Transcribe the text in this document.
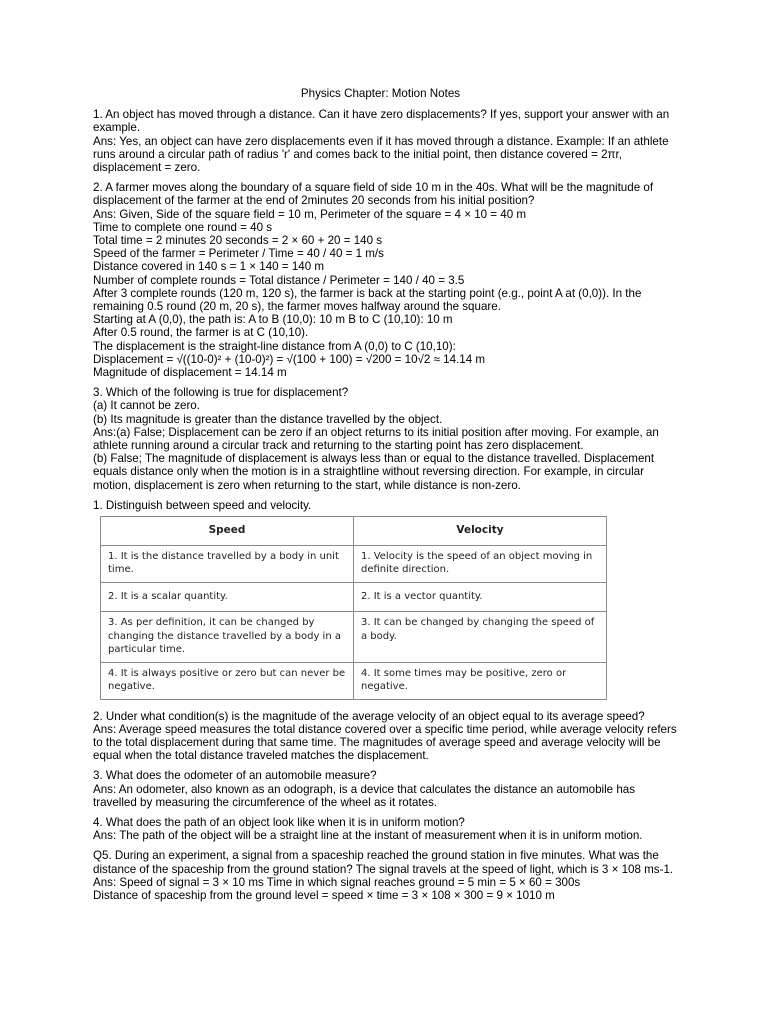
Physics Chapter: Motion Notes
1. An object has moved through a distance. Can it have zero displacements? If yes, support your answer with an example.
Ans: Yes, an object can have zero displacements even if it has moved through a distance. Example: If an athlete runs around a circular path of radius 'r' and comes back to the initial point, then distance covered = 2πr, displacement = zero.
2. A farmer moves along the boundary of a square field of side 10 m in the 40s. What will be the magnitude of displacement of the farmer at the end of 2minutes 20 seconds from his initial position?
Ans: Given, Side of the square field = 10 m, Perimeter of the square = 4 × 10 = 40 m
Time to complete one round = 40 s
Total time = 2 minutes 20 seconds = 2 × 60 + 20 = 140 s
Speed of the farmer = Perimeter / Time = 40 / 40 = 1 m/s
Distance covered in 140 s = 1 × 140 = 140 m
Number of complete rounds = Total distance / Perimeter = 140 / 40 = 3.5
After 3 complete rounds (120 m, 120 s), the farmer is back at the starting point (e.g., point A at (0,0)). In the remaining 0.5 round (20 m, 20 s), the farmer moves halfway around the square.
Starting at A (0,0), the path is: A to B (10,0): 10 m B to C (10,10): 10 m
After 0.5 round, the farmer is at C (10,10).
The displacement is the straight-line distance from A (0,0) to C (10,10):
Displacement = √((10-0)² + (10-0)²) = √(100 + 100) = √200 = 10√2 ≈ 14.14 m
Magnitude of displacement = 14.14 m
3. Which of the following is true for displacement?
(a) It cannot be zero.
(b) Its magnitude is greater than the distance travelled by the object.
Ans:(a) False; Displacement can be zero if an object returns to its initial position after moving. For example, an athlete running around a circular track and returning to the starting point has zero displacement.
(b) False; The magnitude of displacement is always less than or equal to the distance travelled. Displacement equals distance only when the motion is in a straightline without reversing direction. For example, in circular motion, displacement is zero when returning to the start, while distance is non-zero.
1. Distinguish between speed and velocity.
Speed	Velocity
1. It is the distance travelled by a body in unit time.	1. Velocity is the speed of an object moving in definite direction.
2. It is a scalar quantity.	2. It is a vector quantity.
3. As per definition, it can be changed by changing the distance travelled by a body in a particular time.	3. It can be changed by changing the speed of a body.
4. It is always positive or zero but can never be negative.	4. It some times may be positive, zero or negative.
2. Under what condition(s) is the magnitude of the average velocity of an object equal to its average speed?
Ans: Average speed measures the total distance covered over a specific time period, while average velocity refers to the total displacement during that same time. The magnitudes of average speed and average velocity will be equal when the total distance traveled matches the displacement.
3. What does the odometer of an automobile measure?
Ans: An odometer, also known as an odograph, is a device that calculates the distance an automobile has travelled by measuring the circumference of the wheel as it rotates.
4. What does the path of an object look like when it is in uniform motion?
Ans: The path of the object will be a straight line at the instant of measurement when it is in uniform motion.
Q5. During an experiment, a signal from a spaceship reached the ground station in five minutes. What was the distance of the spaceship from the ground station? The signal travels at the speed of light, which is 3 × 108 ms-1.
Ans: Speed of signal = 3 × 10 ms Time in which signal reaches ground = 5 min = 5 × 60 = 300s
Distance of spaceship from the ground level = speed × time = 3 × 108 × 300 = 9 × 1010 m
